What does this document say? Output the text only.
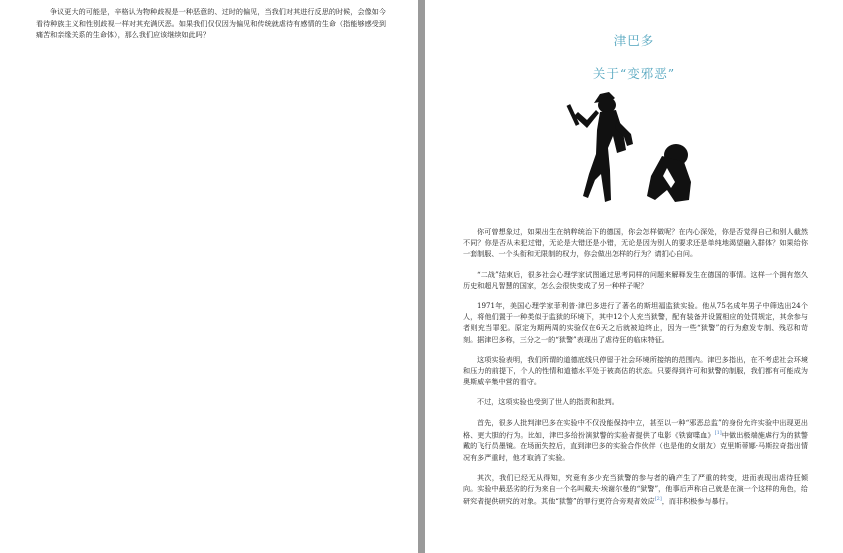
争议更大的可能是，辛格认为物种歧视是一种恶意的、过时的偏见，当我们对其进行反思的时候，会像如今看待种族主义和性别歧视一样对其充满厌恶。如果我们仅仅因为偏见和传统就虐待有感情的生命（指能够感受到痛苦和亲缘关系的生命体），那么我们应该继续如此吗？	津巴多
关于“变邪恶”

你可曾想象过，如果出生在纳粹统治下的德国，你会怎样做呢？在内心深处，你是否觉得自己和别人截然不同？你是否从未犯过错，无论是大错还是小错，无论是因为别人的要求还是单纯地渴望融入群体？如果给你一套制服、一个头衔和无限制的权力，你会做出怎样的行为？请扪心自问。

“二战”结束后，很多社会心理学家试图通过思考同样的问题来解释发生在德国的事情。这样一个拥有悠久历史和超凡智慧的国家，怎么会很快变成了另一种样子呢？

1971年，美国心理学家菲利普·津巴多进行了著名的斯坦福监狱实验。他从75名成年男子中筛选出24个人，将他们置于一种类似于监狱的环境下，其中12个人充当狱警，配有装备并设置相应的处罚规定，其余参与者则充当罪犯。原定为期两周的实验仅在6天之后就被迫终止，因为一些“狱警”的行为愈发专制、残忍和苛刻。据津巴多称，三分之一的“狱警”表现出了虐待狂的临床特征。

这项实验表明，我们所谓的道德底线只停留于社会环境所接纳的范围内。津巴多指出，在不考虑社会环境和压力的前提下，个人的性情和道德水平处于被高估的状态。只要得到许可和狱警的制服，我们都有可能成为奥斯威辛集中营的看守。

不过，这项实验也受到了世人的指责和批判。

首先，很多人批判津巴多在实验中不仅没能保持中立，甚至以一种“邪恶总监”的身份允许实验中出现更出格、更大胆的行为。比如，津巴多给扮演狱警的实验者提供了电影《铁窗喋血》[1]中做出极端施虐行为的狱警戴的飞行员墨镜。在场面失控后，直到津巴多的实验合作伙伴（也是他的女朋友）克里斯蒂娜·马斯拉奇指出情况有多严重时，他才取消了实验。

其次，我们已经无从得知，究竟有多少充当狱警的参与者的确产生了严重的转变，进而表现出虐待狂倾向。实验中最恶劣的行为来自一个名叫戴夫·埃谢尔曼的“狱警”，他事后声称自己就是在演一个这样的角色，给研究者提供研究的对象。其他“狱警”的罪行更符合旁观者效应[2]，而非积极参与暴行。
